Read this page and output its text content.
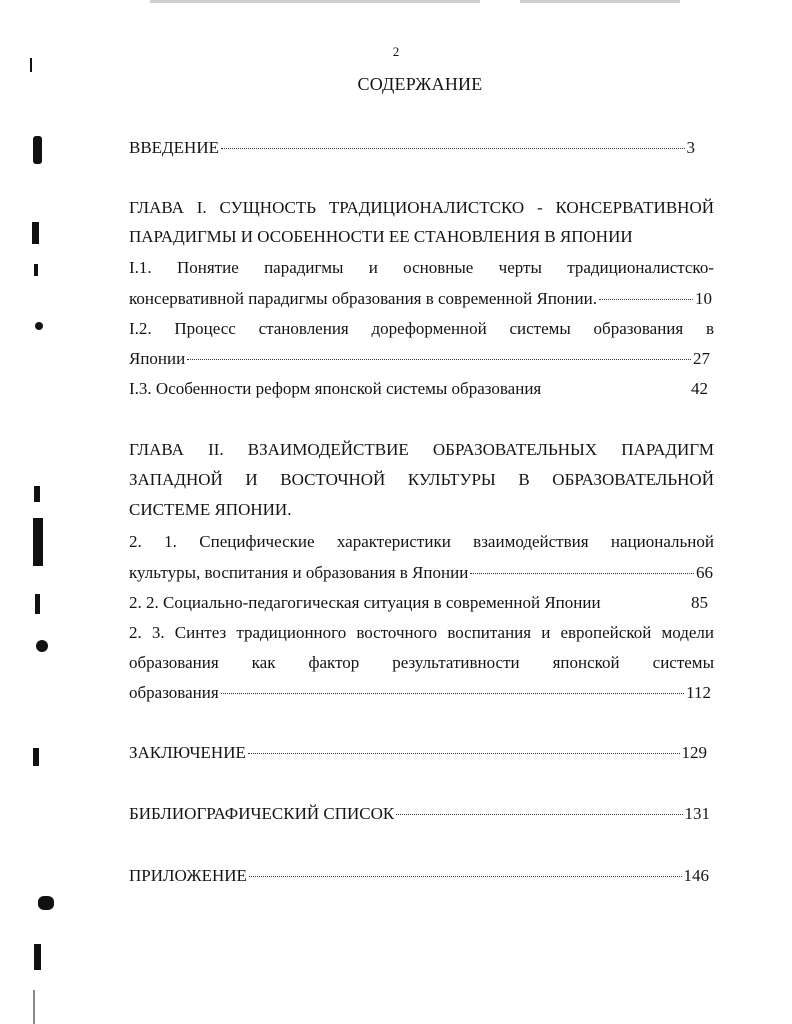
2
СОДЕРЖАНИЕ
ВВЕДЕНИЕ	3
ГЛАВА I. СУЩНОСТЬ ТРАДИЦИОНАЛИСТСКО - КОНСЕРВАТИВНОЙ
ПАРАДИГМЫ И ОСОБЕННОСТИ ЕЕ СТАНОВЛЕНИЯ В ЯПОНИИ
I.1. Понятие парадигмы и основные черты традиционалистско-
консервативной парадигмы образования в современной Японии.	10
I.2. Процесс становления дореформенной системы образования в
Японии	27
I.3. Особенности реформ японской системы образования	42
ГЛАВА II. ВЗАИМОДЕЙСТВИЕ ОБРАЗОВАТЕЛЬНЫХ ПАРАДИГМ
ЗАПАДНОЙ И ВОСТОЧНОЙ КУЛЬТУРЫ В ОБРАЗОВАТЕЛЬНОЙ
СИСТЕМЕ ЯПОНИИ.
2. 1. Специфические характеристики взаимодействия национальной
культуры, воспитания и образования в Японии	66
2. 2. Социально-педагогическая ситуация в современной Японии	85
2. 3. Синтез традиционного восточного воспитания и европейской модели
образования как фактор результативности японской системы
образования	112
ЗАКЛЮЧЕНИЕ	129
БИБЛИОГРАФИЧЕСКИЙ СПИСОК	131
ПРИЛОЖЕНИЕ	146
